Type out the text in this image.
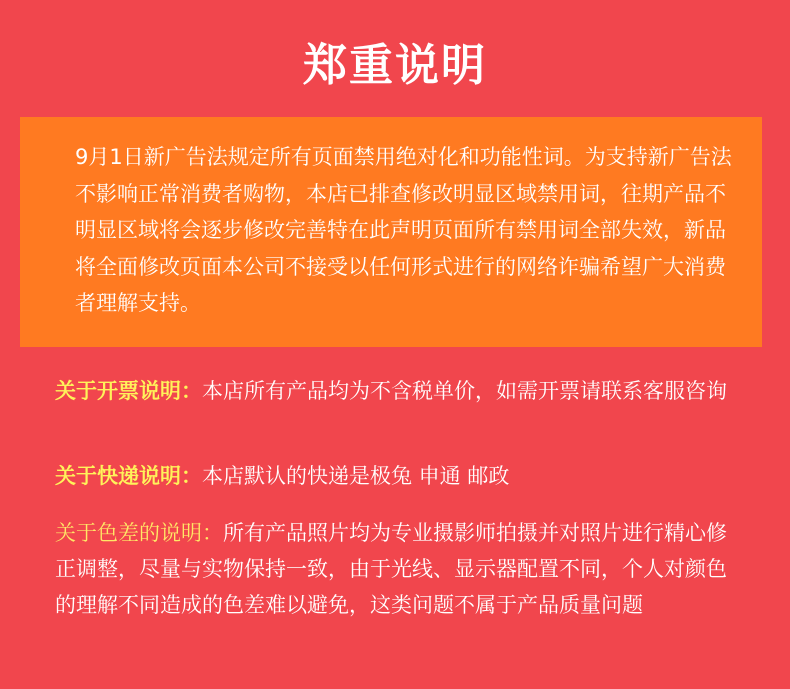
郑重说明

9月1日新广告法规定所有页面禁用绝对化和功能性词。为支持新广告法不影响正常消费者购物，本店已排查修改明显区域禁用词，往期产品不明显区域将会逐步修改完善特在此声明页面所有禁用词全部失效，新品将全面修改页面本公司不接受以任何形式进行的网络诈骗希望广大消费者理解支持。

关于开票说明：本店所有产品均为不含税单价，如需开票请联系客服咨询

关于快递说明：本店默认的快递是极兔 申通 邮政

关于色差的说明：所有产品照片均为专业摄影师拍摄并对照片进行精心修正调整，尽量与实物保持一致，由于光线、显示器配置不同，个人对颜色的理解不同造成的色差难以避免，这类问题不属于产品质量问题
